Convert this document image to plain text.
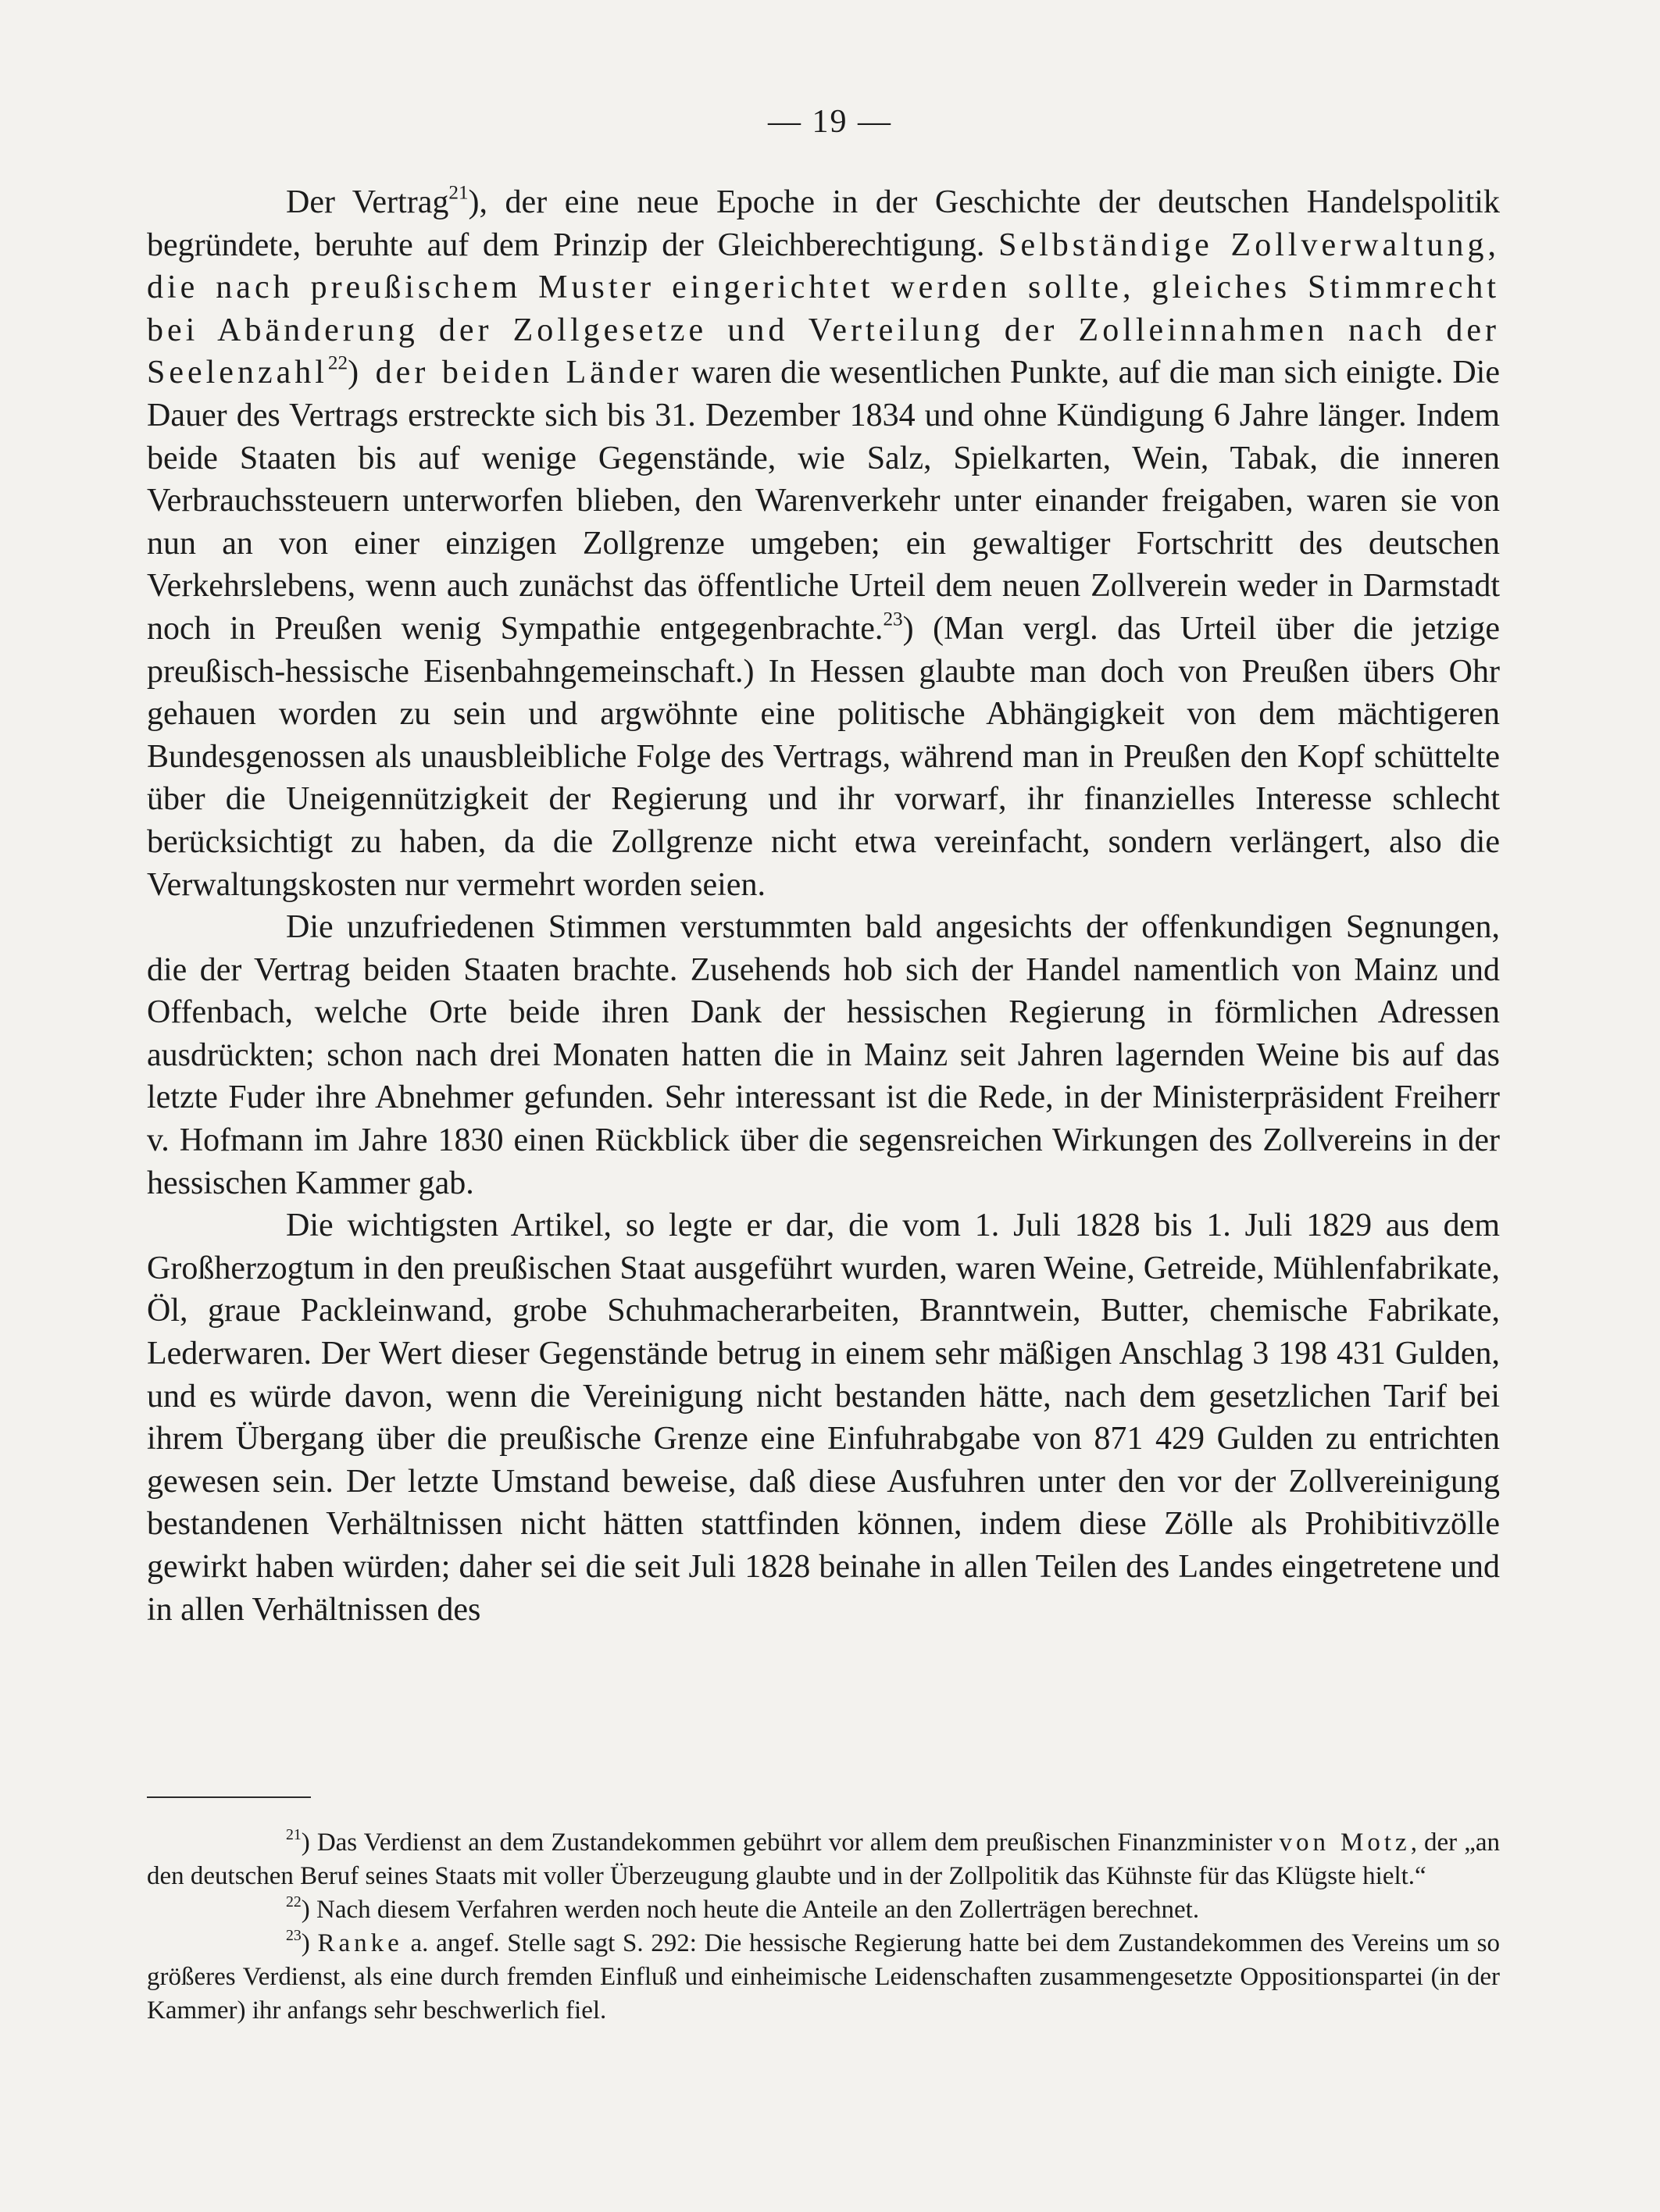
— 19 —

Der Vertrag$^{21}$), der eine neue Epoche in der Geschichte der deutschen Handelspolitik begründete, beruhte auf dem Prinzip der Gleichberechtigung. Selbständige Zollverwaltung, die nach preußischem Muster eingerichtet werden sollte, gleiches Stimmrecht bei Abänderung der Zollgesetze und Verteilung der Zolleinnahmen nach der Seelenzahl$^{22}$) der beiden Länder waren die wesentlichen Punkte, auf die man sich einigte. Die Dauer des Vertrags erstreckte sich bis 31. Dezember 1834 und ohne Kündigung 6 Jahre länger. Indem beide Staaten bis auf wenige Gegenstände, wie Salz, Spielkarten, Wein, Tabak, die inneren Verbrauchssteuern unterworfen blieben, den Warenverkehr unter einander freigaben, waren sie von nun an von einer einzigen Zollgrenze umgeben; ein gewaltiger Fortschritt des deutschen Verkehrslebens, wenn auch zunächst das öffentliche Urteil dem neuen Zollverein weder in Darmstadt noch in Preußen wenig Sympathie entgegenbrachte.$^{23}$) (Man vergl. das Urteil über die jetzige preußisch-hessische Eisenbahngemeinschaft.) In Hessen glaubte man doch von Preußen übers Ohr gehauen worden zu sein und argwöhnte eine politische Abhängigkeit von dem mächtigeren Bundesgenossen als unausbleibliche Folge des Vertrags, während man in Preußen den Kopf schüttelte über die Uneigennützigkeit der Regierung und ihr vorwarf, ihr finanzielles Interesse schlecht berücksichtigt zu haben, da die Zollgrenze nicht etwa vereinfacht, sondern verlängert, also die Verwaltungskosten nur vermehrt worden seien.

Die unzufriedenen Stimmen verstummten bald angesichts der offenkundigen Segnungen, die der Vertrag beiden Staaten brachte. Zusehends hob sich der Handel namentlich von Mainz und Offenbach, welche Orte beide ihren Dank der hessischen Regierung in förmlichen Adressen ausdrückten; schon nach drei Monaten hatten die in Mainz seit Jahren lagernden Weine bis auf das letzte Fuder ihre Abnehmer gefunden. Sehr interessant ist die Rede, in der Ministerpräsident Freiherr v. Hofmann im Jahre 1830 einen Rückblick über die segensreichen Wirkungen des Zollvereins in der hessischen Kammer gab.

Die wichtigsten Artikel, so legte er dar, die vom 1. Juli 1828 bis 1. Juli 1829 aus dem Großherzogtum in den preußischen Staat ausgeführt wurden, waren Weine, Getreide, Mühlenfabrikate, Öl, graue Packleinwand, grobe Schuhmacherarbeiten, Branntwein, Butter, chemische Fabrikate, Lederwaren. Der Wert dieser Gegenstände betrug in einem sehr mäßigen Anschlag 3 198 431 Gulden, und es würde davon, wenn die Vereinigung nicht bestanden hätte, nach dem gesetzlichen Tarif bei ihrem Übergang über die preußische Grenze eine Einfuhrabgabe von 871 429 Gulden zu entrichten gewesen sein. Der letzte Umstand beweise, daß diese Ausfuhren unter den vor der Zollvereinigung bestandenen Verhältnissen nicht hätten stattfinden können, indem diese Zölle als Prohibitivzölle gewirkt haben würden; daher sei die seit Juli 1828 beinahe in allen Teilen des Landes eingetretene und in allen Verhältnissen des

$^{21}$) Das Verdienst an dem Zustandekommen gebührt vor allem dem preußischen Finanzminister von Motz, der „an den deutschen Beruf seines Staats mit voller Überzeugung glaubte und in der Zollpolitik das Kühnste für das Klügste hielt.“

$^{22}$) Nach diesem Verfahren werden noch heute die Anteile an den Zollerträgen berechnet.

$^{23}$) Ranke a. angef. Stelle sagt S. 292: Die hessische Regierung hatte bei dem Zustandekommen des Vereins um so größeres Verdienst, als eine durch fremden Einfluß und einheimische Leidenschaften zusammengesetzte Oppositionspartei (in der Kammer) ihr anfangs sehr beschwerlich fiel.
